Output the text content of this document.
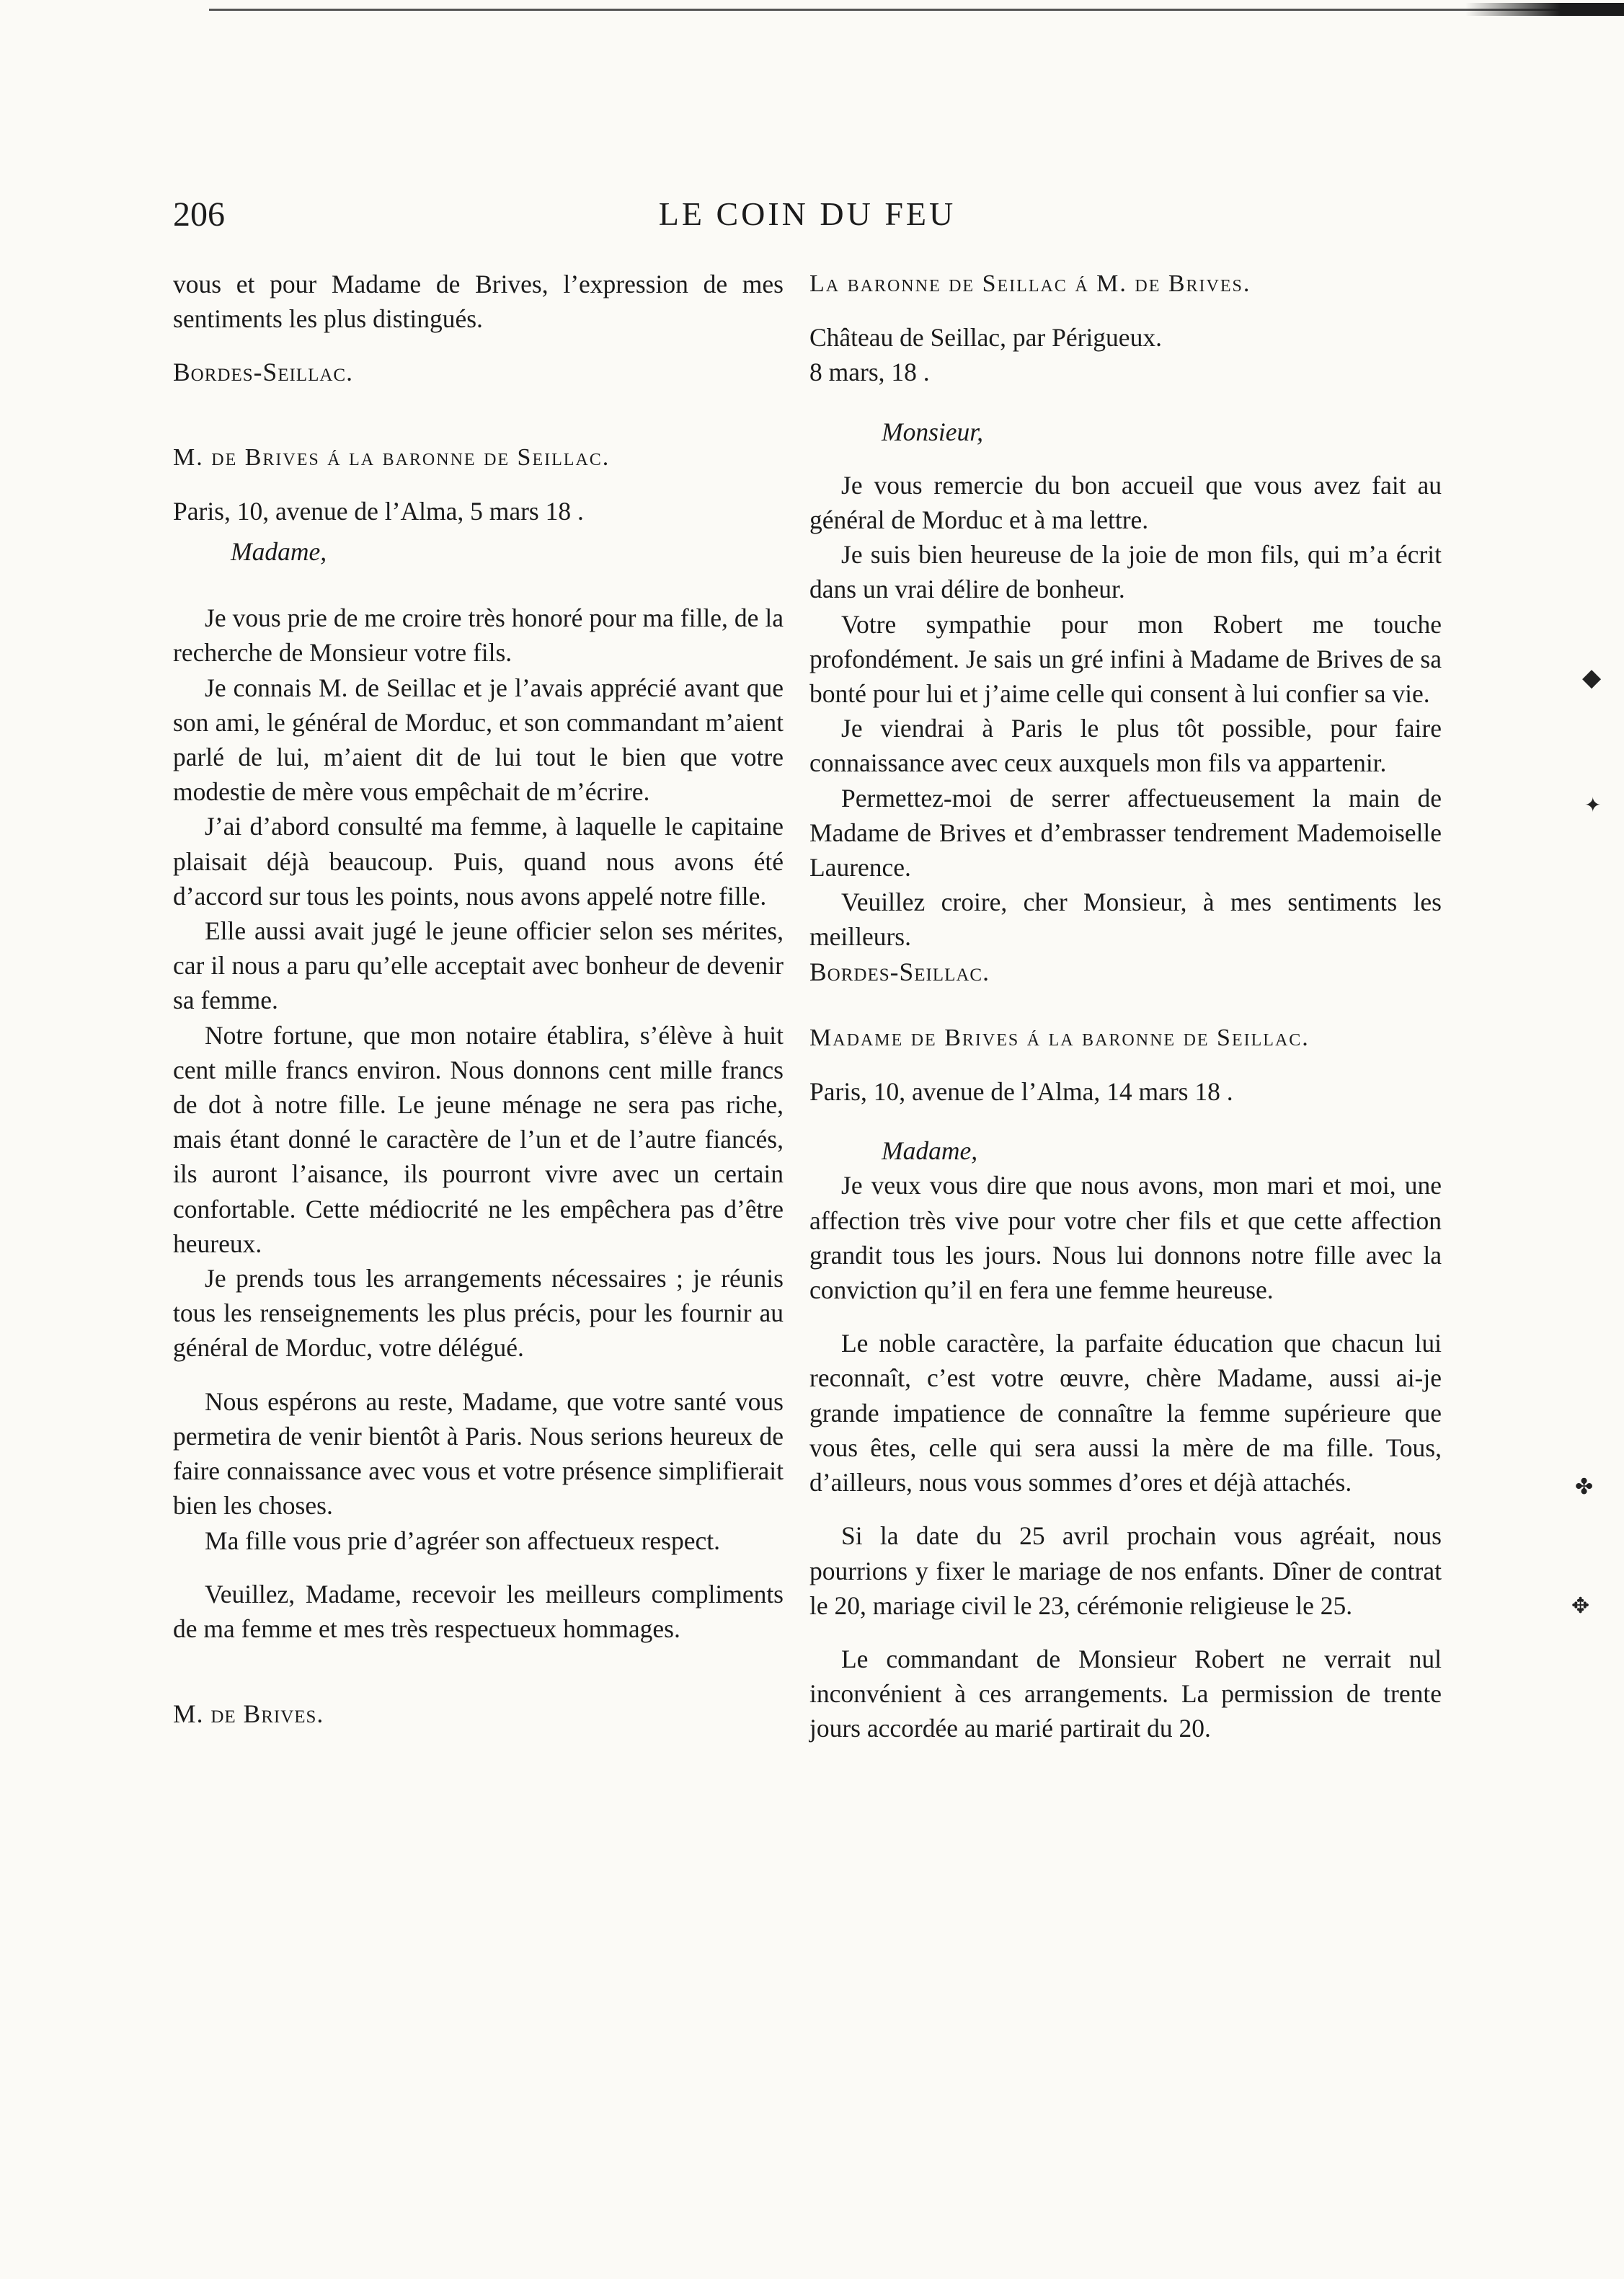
206	LE COIN DU FEU

vous et pour Madame de Brives, l’expression de mes sentiments les plus distingués.

Bordes-Seillac.

M. de Brives á la baronne de Seillac.

Paris, 10, avenue de l’Alma, 5 mars 18 .

Madame,

Je vous prie de me croire très honoré pour ma fille, de la recherche de Monsieur votre fils.

Je connais M. de Seillac et je l’avais apprécié avant que son ami, le général de Morduc, et son commandant m’aient parlé de lui, m’aient dit de lui tout le bien que votre modestie de mère vous empêchait de m’écrire.

J’ai d’abord consulté ma femme, à laquelle le capitaine plaisait déjà beaucoup. Puis, quand nous avons été d’accord sur tous les points, nous avons appelé notre fille.

Elle aussi avait jugé le jeune officier selon ses mérites, car il nous a paru qu’elle acceptait avec bonheur de devenir sa femme.

Notre fortune, que mon notaire établira, s’élève à huit cent mille francs environ. Nous donnons cent mille francs de dot à notre fille. Le jeune ménage ne sera pas riche, mais étant donné le caractère de l’un et de l’autre fiancés, ils auront l’aisance, ils pourront vivre avec un certain confortable. Cette médiocrité ne les empêchera pas d’être heureux.

Je prends tous les arrangements nécessaires ; je réunis tous les renseignements les plus précis, pour les fournir au général de Morduc, votre délégué.

Nous espérons au reste, Madame, que votre santé vous permetira de venir bientôt à Paris. Nous serions heureux de faire connaissance avec vous et votre présence simplifierait bien les choses.

Ma fille vous prie d’agréer son affectueux respect.

Veuillez, Madame, recevoir les meilleurs compliments de ma femme et mes très respectueux hommages.

M. de Brives.

La baronne de Seillac á M. de Brives.

Château de Seillac, par Périgueux.

8 mars, 18 .

Monsieur,

Je vous remercie du bon accueil que vous avez fait au général de Morduc et à ma lettre.

Je suis bien heureuse de la joie de mon fils, qui m’a écrit dans un vrai délire de bonheur.

Votre sympathie pour mon Robert me touche profondément. Je sais un gré infini à Madame de Brives de sa bonté pour lui et j’aime celle qui consent à lui confier sa vie.

Je viendrai à Paris le plus tôt possible, pour faire connaissance avec ceux auxquels mon fils va appartenir.

Permettez-moi de serrer affectueusement la main de Madame de Brives et d’embrasser tendrement Mademoiselle Laurence.

Veuillez croire, cher Monsieur, à mes sentiments les meilleurs.

Bordes-Seillac.

Madame de Brives á la baronne de Seillac.

Paris, 10, avenue de l’Alma, 14 mars 18 .

Madame,

Je veux vous dire que nous avons, mon mari et moi, une affection très vive pour votre cher fils et que cette affection grandit tous les jours. Nous lui donnons notre fille avec la conviction qu’il en fera une femme heureuse.

Le noble caractère, la parfaite éducation que chacun lui reconnaît, c’est votre œuvre, chère Madame, aussi ai-je grande impatience de connaître la femme supérieure que vous êtes, celle qui sera aussi la mère de ma fille. Tous, d’ailleurs, nous vous sommes d’ores et déjà attachés.

Si la date du 25 avril prochain vous agréait, nous pourrions y fixer le mariage de nos enfants. Dîner de contrat le 20, mariage civil le 23, cérémonie religieuse le 25.

Le commandant de Monsieur Robert ne verrait nul inconvénient à ces arrangements. La permission de trente jours accordée au marié partirait du 20.

◆
✦
✤
✥
